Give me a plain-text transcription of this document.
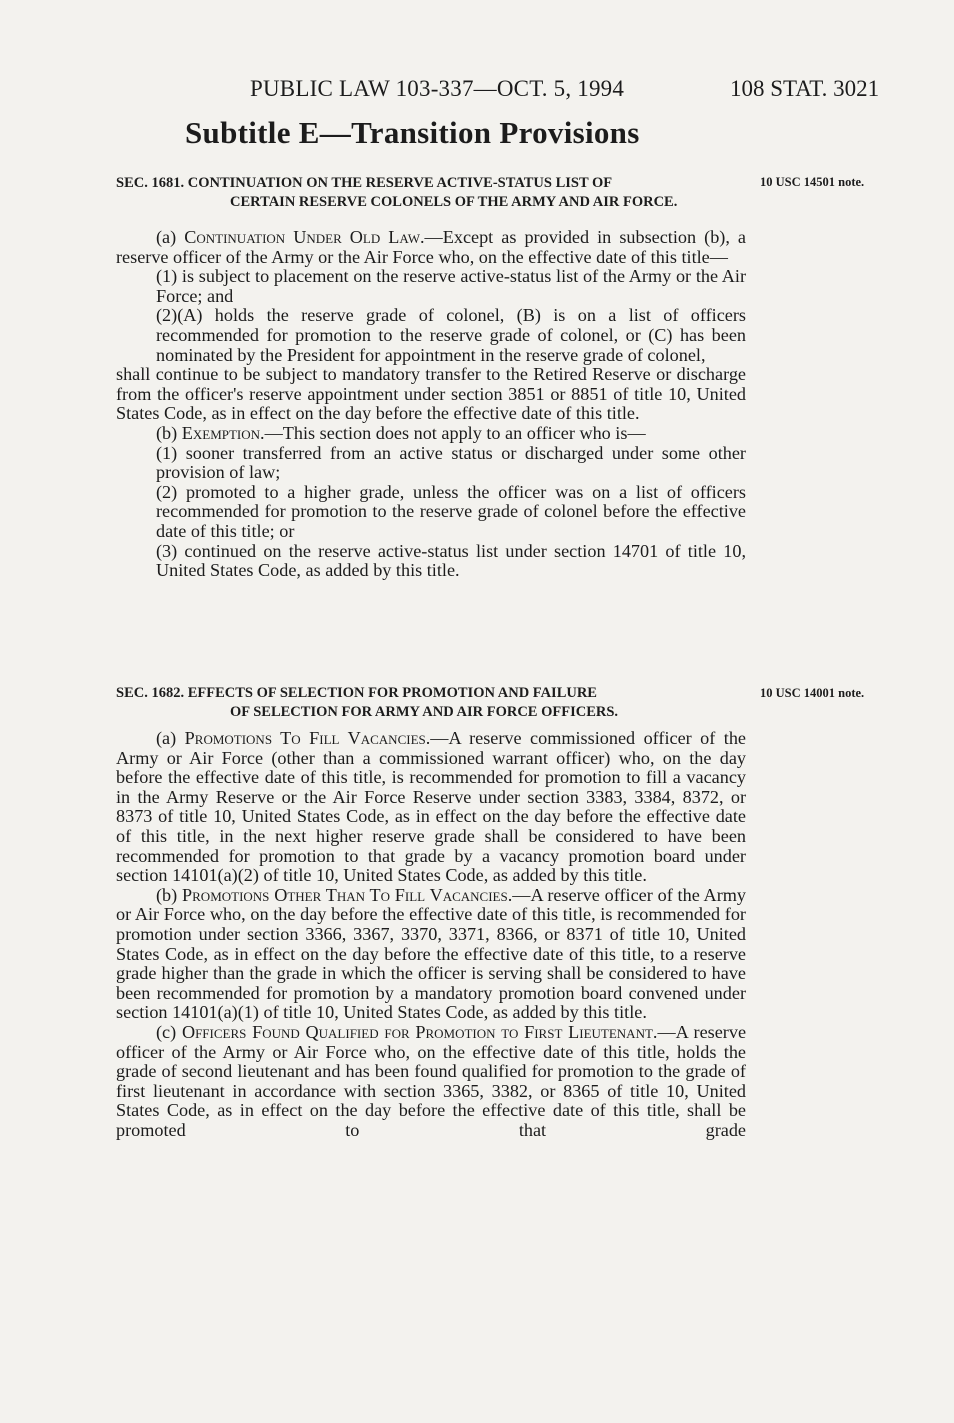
PUBLIC LAW 103-337—OCT. 5, 1994	108 STAT. 3021
Subtitle E—Transition Provisions
10 USC 14501 note.
SEC. 1681. CONTINUATION ON THE RESERVE ACTIVE-STATUS LIST OF
CERTAIN RESERVE COLONELS OF THE ARMY AND AIR FORCE.

(a) Continuation Under Old Law.—Except as provided in subsection (b), a reserve officer of the Army or the Air Force who, on the effective date of this title—

(1) is subject to placement on the reserve active-status list of the Army or the Air Force; and

(2)(A) holds the reserve grade of colonel, (B) is on a list of officers recommended for promotion to the reserve grade of colonel, or (C) has been nominated by the President for appointment in the reserve grade of colonel,

shall continue to be subject to mandatory transfer to the Retired Reserve or discharge from the officer's reserve appointment under section 3851 or 8851 of title 10, United States Code, as in effect on the day before the effective date of this title.

(b) Exemption.—This section does not apply to an officer who is—

(1) sooner transferred from an active status or discharged under some other provision of law;

(2) promoted to a higher grade, unless the officer was on a list of officers recommended for promotion to the reserve grade of colonel before the effective date of this title; or

(3) continued on the reserve active-status list under section 14701 of title 10, United States Code, as added by this title.

10 USC 14001 note.
SEC. 1682. EFFECTS OF SELECTION FOR PROMOTION AND FAILURE
OF SELECTION FOR ARMY AND AIR FORCE OFFICERS.

(a) Promotions To Fill Vacancies.—A reserve commissioned officer of the Army or Air Force (other than a commissioned warrant officer) who, on the day before the effective date of this title, is recommended for promotion to fill a vacancy in the Army Reserve or the Air Force Reserve under section 3383, 3384, 8372, or 8373 of title 10, United States Code, as in effect on the day before the effective date of this title, in the next higher reserve grade shall be considered to have been recommended for promotion to that grade by a vacancy promotion board under section 14101(a)(2) of title 10, United States Code, as added by this title.

(b) Promotions Other Than To Fill Vacancies.—A reserve officer of the Army or Air Force who, on the day before the effective date of this title, is recommended for promotion under section 3366, 3367, 3370, 3371, 8366, or 8371 of title 10, United States Code, as in effect on the day before the effective date of this title, to a reserve grade higher than the grade in which the officer is serving shall be considered to have been recommended for promotion by a mandatory promotion board convened under section 14101(a)(1) of title 10, United States Code, as added by this title.

(c) Officers Found Qualified for Promotion to First Lieutenant.—A reserve officer of the Army or Air Force who, on the effective date of this title, holds the grade of second lieutenant and has been found qualified for promotion to the grade of first lieutenant in accordance with section 3365, 3382, or 8365 of title 10, United States Code, as in effect on the day before the effective date of this title, shall be promoted to that grade
